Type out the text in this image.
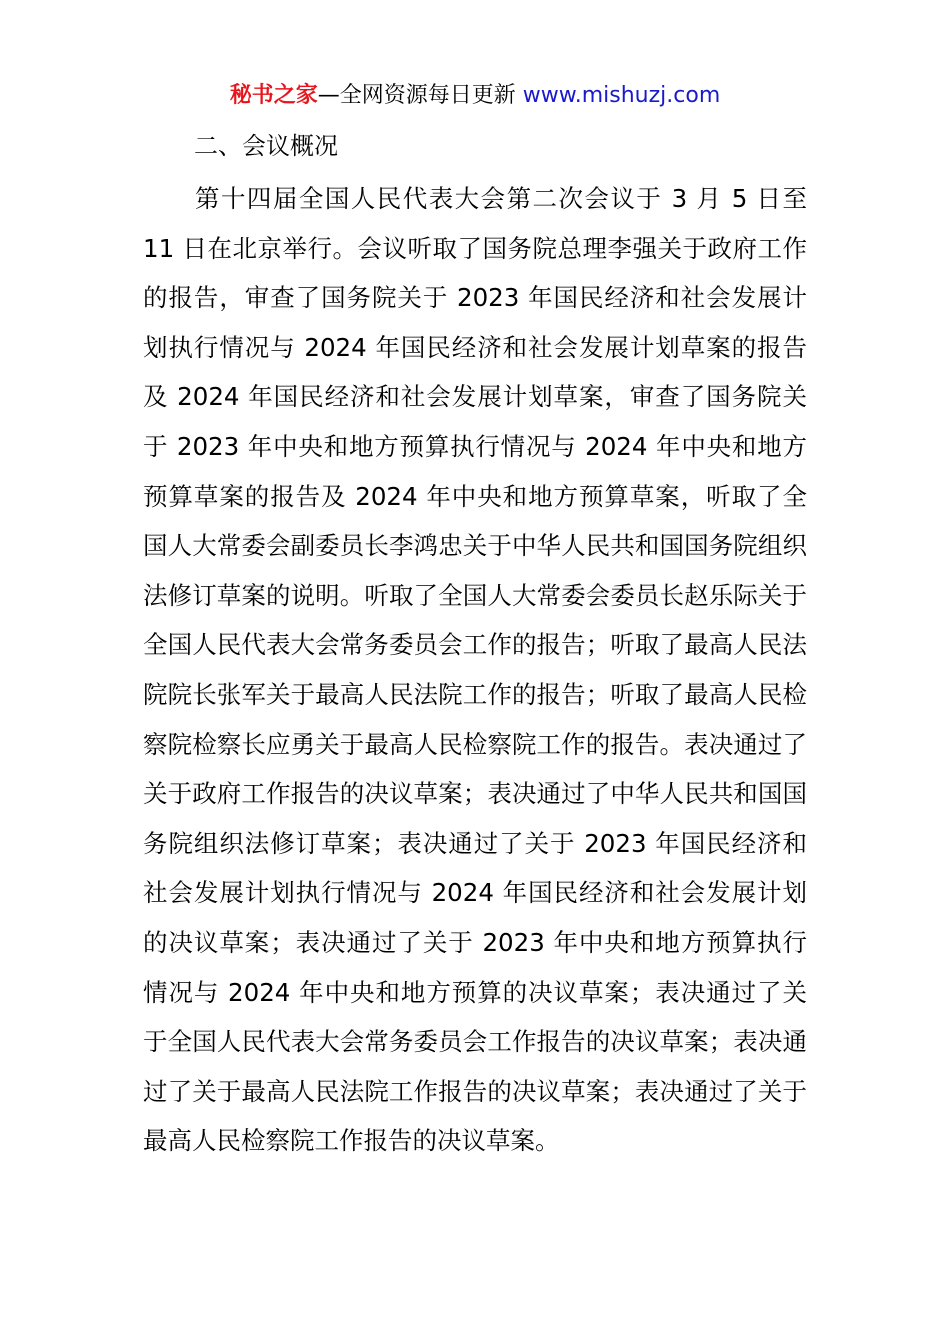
秘书之家—全网资源每日更新 www.mishuzj.com
二、会议概况

第十四届全国人民代表大会第二次会议于 3 月 5 日至 11 日在北京举行。会议听取了国务院总理李强关于政府工作的报告，审查了国务院关于 2023 年国民经济和社会发展计划执行情况与 2024 年国民经济和社会发展计划草案的报告及 2024 年国民经济和社会发展计划草案，审查了国务院关于 2023 年中央和地方预算执行情况与 2024 年中央和地方预算草案的报告及 2024 年中央和地方预算草案，听取了全国人大常委会副委员长李鸿忠关于中华人民共和国国务院组织法修订草案的说明。听取了全国人大常委会委员长赵乐际关于全国人民代表大会常务委员会工作的报告；听取了最高人民法院院长张军关于最高人民法院工作的报告；听取了最高人民检察院检察长应勇关于最高人民检察院工作的报告。表决通过了关于政府工作报告的决议草案；表决通过了中华人民共和国国务院组织法修订草案；表决通过了关于 2023 年国民经济和社会发展计划执行情况与 2024 年国民经济和社会发展计划的决议草案；表决通过了关于 2023 年中央和地方预算执行情况与 2024 年中央和地方预算的决议草案；表决通过了关于全国人民代表大会常务委员会工作报告的决议草案；表决通过了关于最高人民法院工作报告的决议草案；表决通过了关于最高人民检察院工作报告的决议草案。
